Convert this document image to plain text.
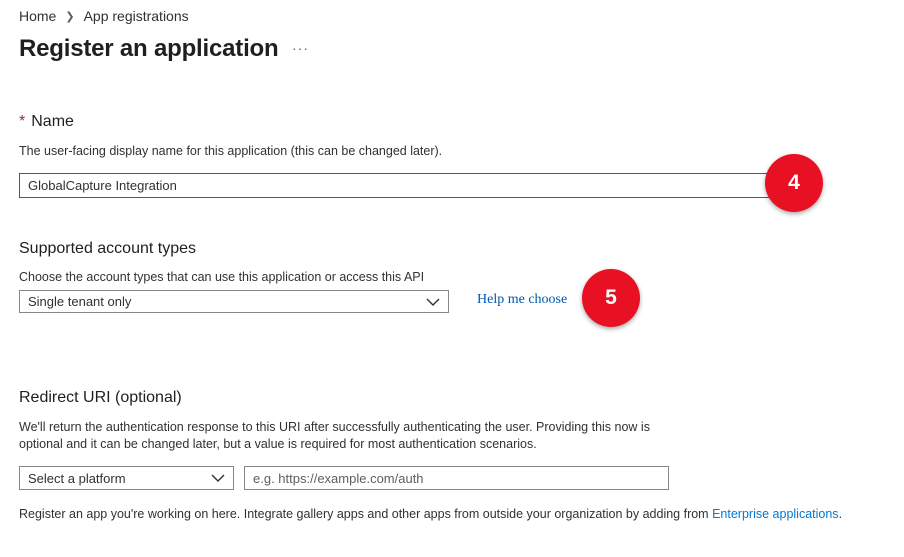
Home ❯ App registrations
Register an application ···
* Name
The user-facing display name for this application (this can be changed later).
GlobalCapture Integration
4
Supported account types
Choose the account types that can use this application or access this API
Single tenant only	Help me choose	5
Redirect URI (optional)
We'll return the authentication response to this URI after successfully authenticating the user. Providing this now is
optional and it can be changed later, but a value is required for most authentication scenarios.
Select a platform
e.g. https://example.com/auth
Register an app you're working on here. Integrate gallery apps and other apps from outside your organization by adding from Enterprise applications.
